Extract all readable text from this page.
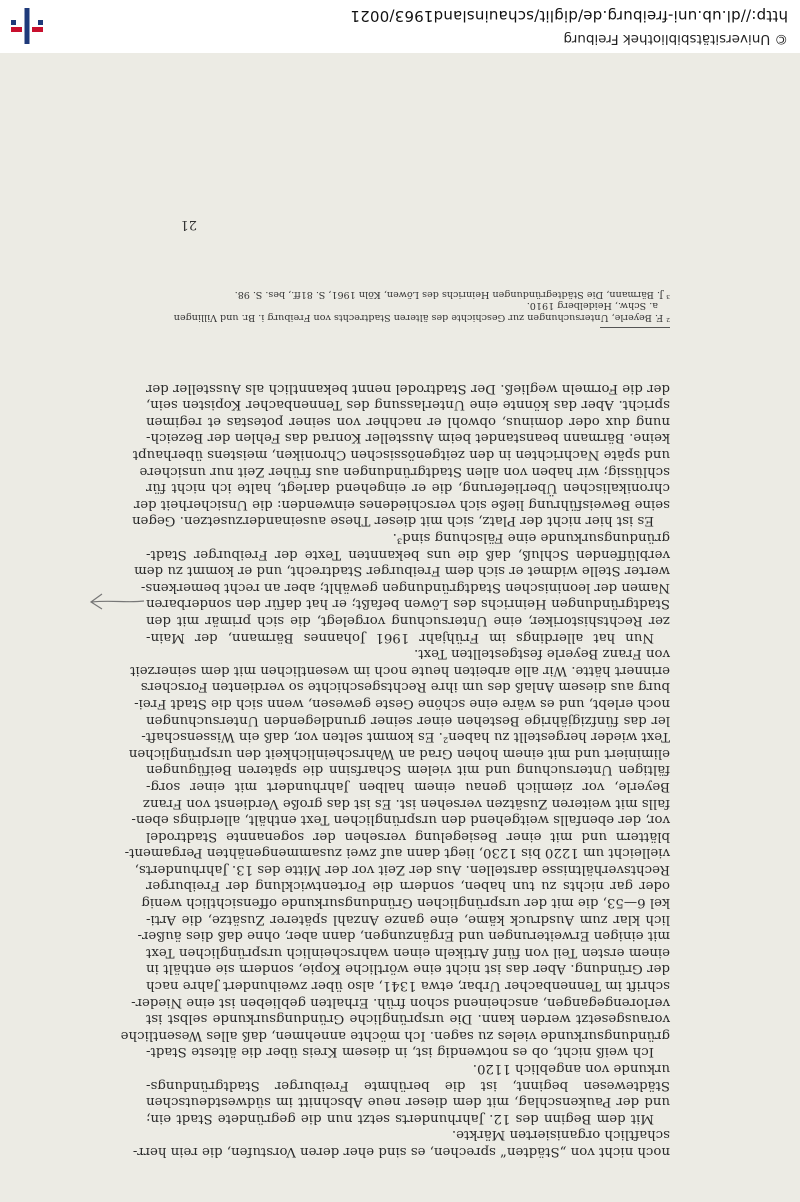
http://dl.ub.uni-freiburg.de/diglit/schauinsland1963/0021
© Universitätsbibliothek Freiburg
noch nicht von „Städten“ sprechen, es sind eher deren Vorstufen, die rein herr-
schaftlich organisierten Märkte.
Mit dem Beginn des 12. Jahrhunderts setzt nun die gegründete Stadt ein;
und der Paukenschlag, mit dem dieser neue Abschnitt im südwestdeutschen
Städtewesen beginnt, ist die berühmte Freiburger Stadtgründungs-
urkunde von angeblich 1120.
Ich weiß nicht, ob es notwendig ist, in diesem Kreis über die älteste Stadt-
gründungsurkunde vieles zu sagen. Ich möchte annehmen, daß alles Wesentliche
vorausgesetzt werden kann. Die ursprüngliche Gründungsurkunde selbst ist
verlorengegangen, anscheinend schon früh. Erhalten geblieben ist eine Nieder-
schrift im Tennenbacher Urbar, etwa 1341, also über zweihundert Jahre nach
der Gründung. Aber das ist nicht eine wörtliche Kopie, sondern sie enthält in
einem ersten Teil von fünf Artikeln einen wahrscheinlich ursprünglichen Text
mit einigen Erweiterungen und Ergänzungen, dann aber, ohne daß dies äußer-
lich klar zum Ausdruck käme, eine ganze Anzahl späterer Zusätze, die Arti-
kel 6—53, die mit der ursprünglichen Gründungsurkunde offensichtlich wenig
oder gar nichts zu tun haben, sondern die Fortentwicklung der Freiburger
Rechtsverhältnisse darstellen. Aus der Zeit vor der Mitte des 13. Jahrhunderts,
vielleicht um 1220 bis 1230, liegt dann auf zwei zusammengenähten Pergament-
blättern und mit einer Besiegelung versehen der sogenannte Stadtrodel
vor, der ebenfalls weitgehend den ursprünglichen Text enthält, allerdings eben-
falls mit weiteren Zusätzen versehen ist. Es ist das große Verdienst von Franz
Beyerle, vor ziemlich genau einem halben Jahrhundert mit einer sorg-
fältigen Untersuchung und mit vielem Scharfsinn die späteren Beifügungen
eliminiert und mit einem hohen Grad an Wahrscheinlichkeit den ursprünglichen
Text wieder hergestellt zu haben². Es kommt selten vor, daß ein Wissenschaft-
ler das fünfzigjährige Bestehen einer seiner grundlegenden Untersuchungen
noch erlebt, und es wäre eine schöne Geste gewesen, wenn sich die Stadt Frei-
burg aus diesem Anlaß des um ihre Rechtsgeschichte so verdienten Forschers
erinnert hätte. Wir alle arbeiten heute noch im wesentlichen mit dem seinerzeit
von Franz Beyerle festgestellten Text.
Nun hat allerdings im Frühjahr 1961 Johannes Bärmann, der Main-
zer Rechtshistoriker, eine Untersuchung vorgelegt, die sich primär mit den
Stadtgründungen Heinrichs des Löwen befaßt; er hat dafür den sonderbaren
Namen der leoninischen Stadtgründungen gewählt; aber an recht bemerkens-
werter Stelle widmet er sich dem Freiburger Stadtrecht, und er kommt zu dem
verblüffenden Schluß, daß die uns bekannten Texte der Freiburger Stadt-
gründungsurkunde eine Fälschung sind³.
Es ist hier nicht der Platz, sich mit dieser These auseinanderzusetzen. Gegen
seine Beweisführung ließe sich verschiedenes einwenden: die Unsicherheit der
chronikalischen Überlieferung, die er eingehend darlegt, halte ich nicht für
schlüssig; wir haben von allen Stadtgründungen aus früher Zeit nur unsichere
und späte Nachrichten in den zeitgenössischen Chroniken, meistens überhaupt
keine. Bärmann beanstandet beim Aussteller Konrad das Fehlen der Bezeich-
nung dux oder dominus, obwohl er nachher von seiner potestas et regimen
spricht. Aber das könnte eine Unterlassung des Tennenbacher Kopisten sein,
der die Formeln wegließ. Der Stadtrodel nennt bekanntlich als Aussteller der
² F. Beyerle, Untersuchungen zur Geschichte des älteren Stadtrechts von Freiburg i. Br. und Villingen
a. Schw., Heidelberg 1910.
³ J. Bärmann, Die Städtegründungen Heinrichs des Löwen, Köln 1961, S. 81ff., bes. S. 98.
21
